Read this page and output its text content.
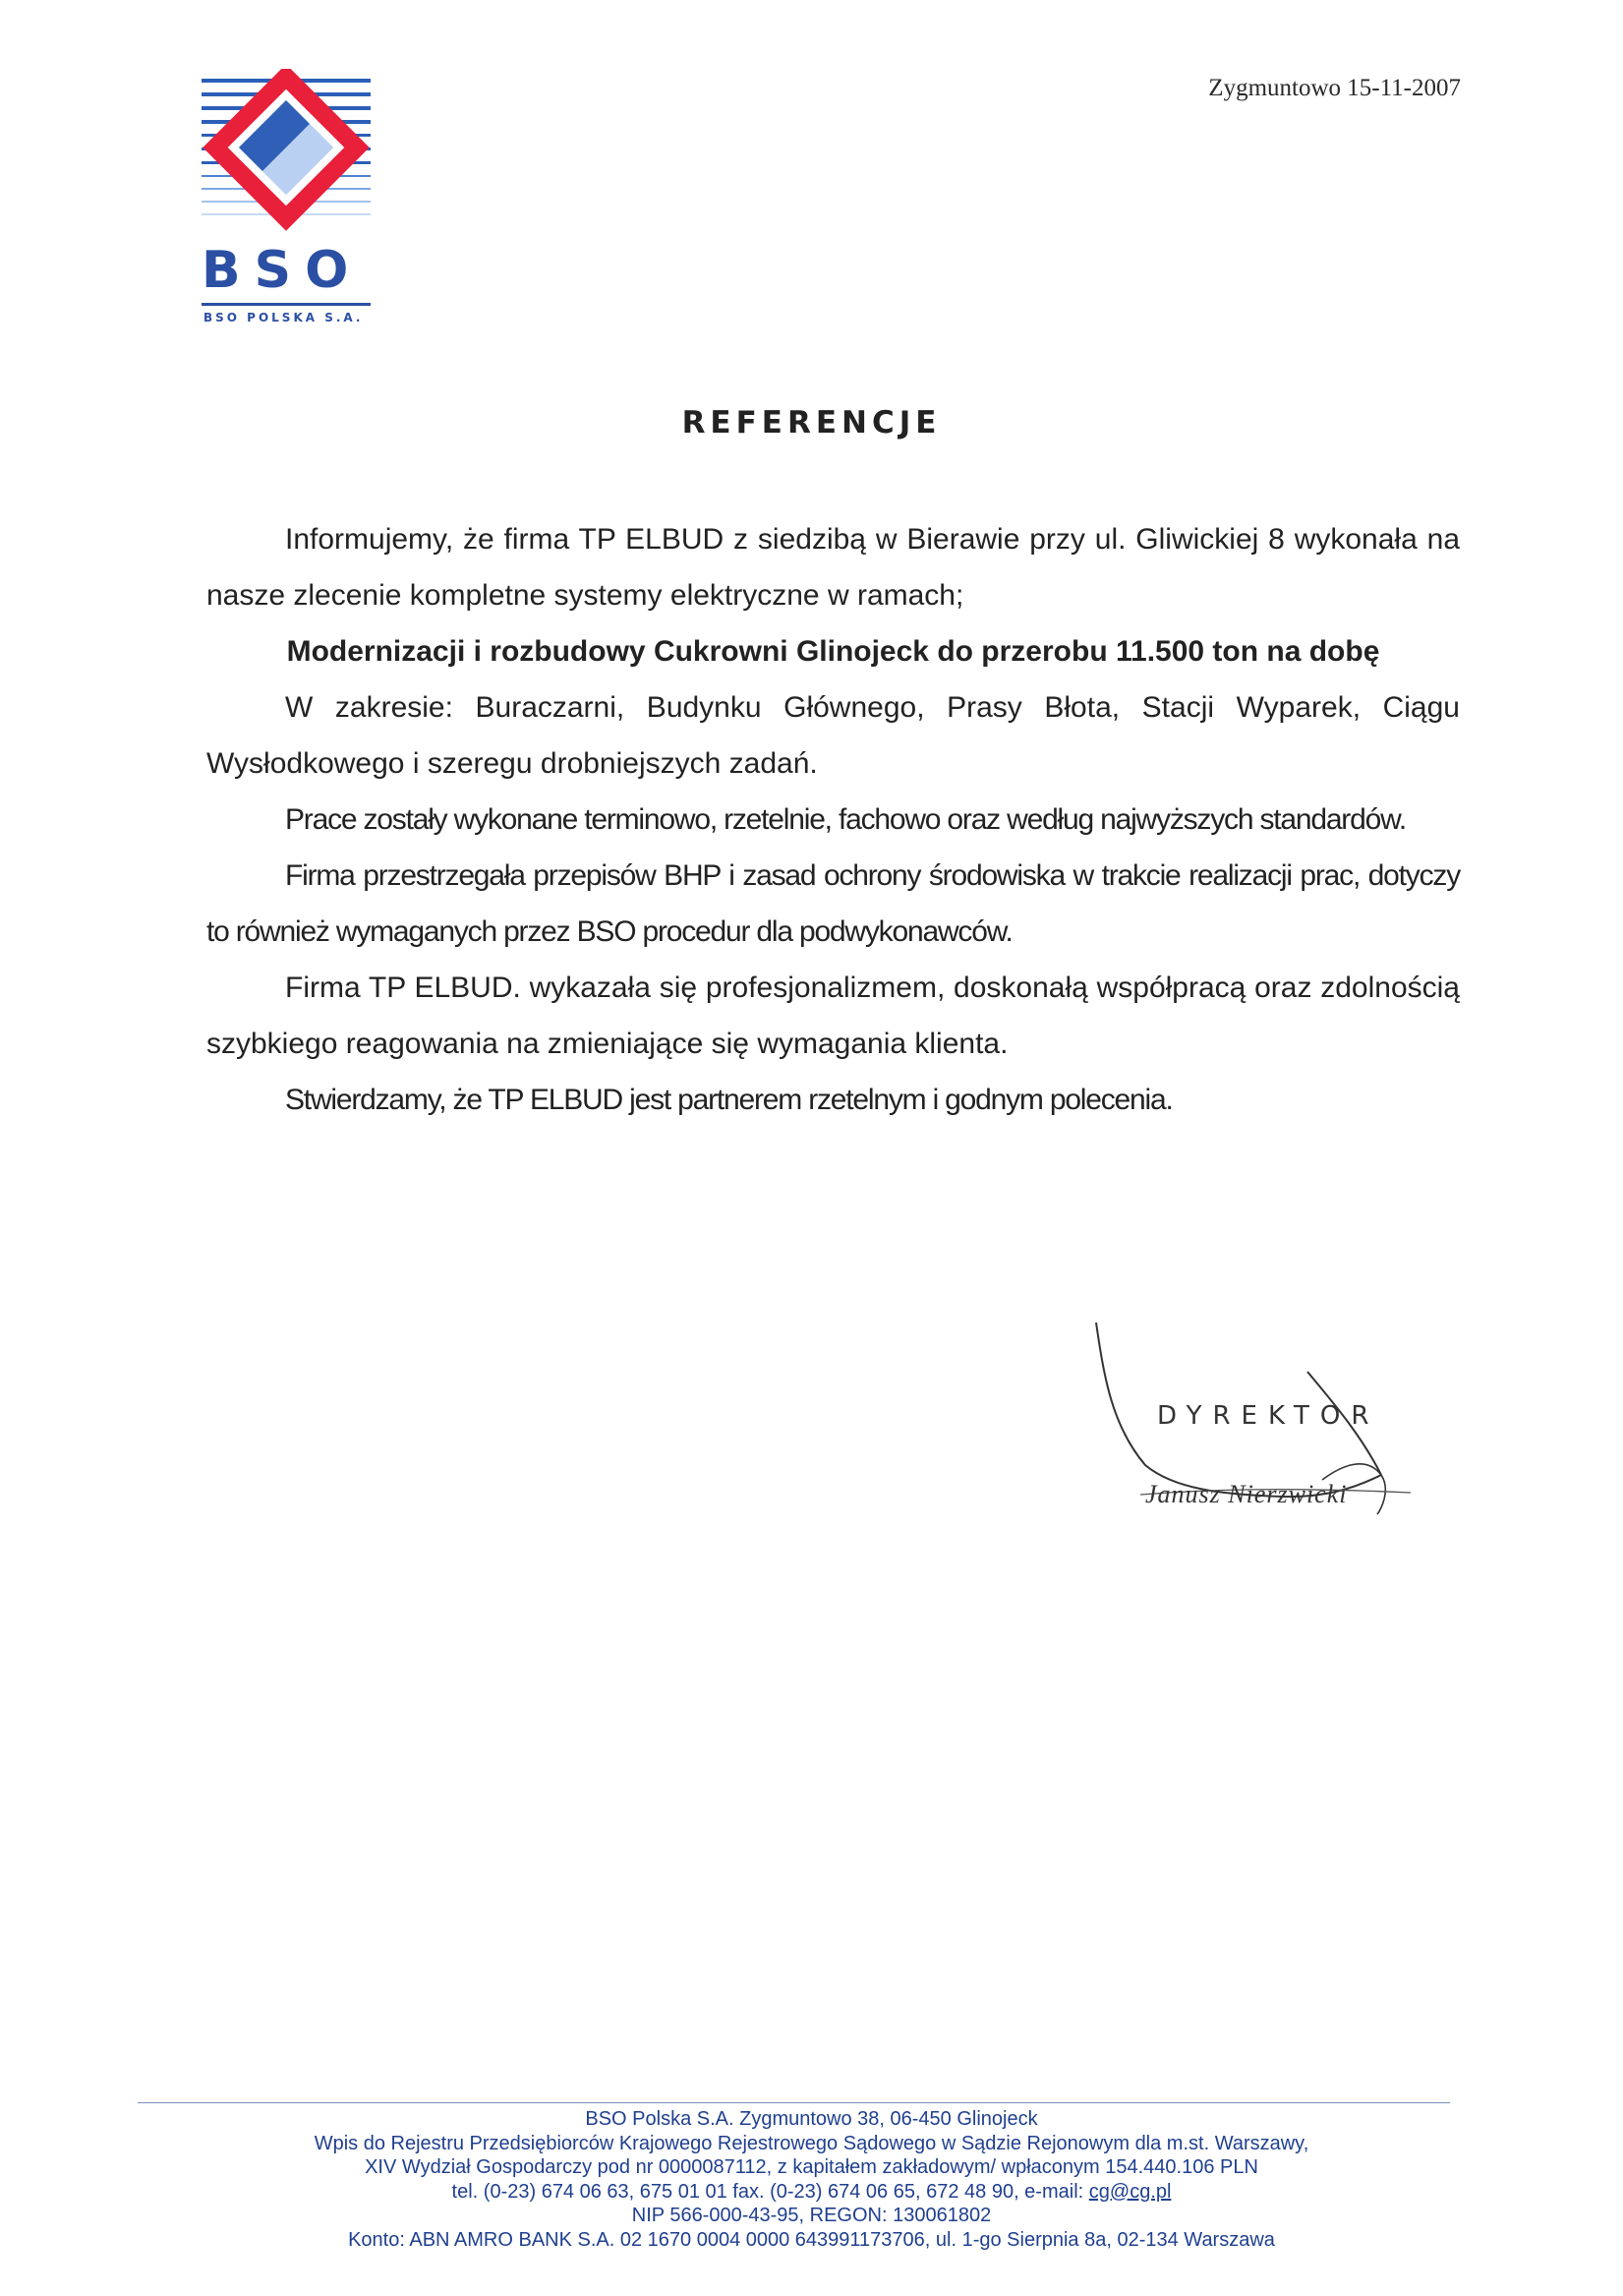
BSO
BSO POLSKA S.A.
Zygmuntowo 15-11-2007
REFERENCJE

Informujemy, że firma TP ELBUD z siedzibą w Bierawie przy ul. Gliwickiej 8 wykonała na nasze zlecenie kompletne systemy elektryczne w ramach;

Modernizacji i rozbudowy Cukrowni Glinojeck do przerobu 11.500 ton na dobę

W zakresie: Buraczarni, Budynku Głównego, Prasy Błota, Stacji Wyparek, Ciągu Wysłodkowego i szeregu drobniejszych zadań.

Prace zostały wykonane terminowo, rzetelnie, fachowo oraz według najwyższych standardów.

Firma przestrzegała przepisów BHP i zasad ochrony środowiska w trakcie realizacji prac, dotyczy to również wymaganych przez BSO procedur dla podwykonawców.

Firma TP ELBUD. wykazała się profesjonalizmem, doskonałą współpracą oraz zdolnością szybkiego reagowania na zmieniające się wymagania klienta.

Stwierdzamy, że TP ELBUD jest partnerem rzetelnym i godnym polecenia.

DYREKTOR
Janusz Nierzwicki
BSO Polska S.A. Zygmuntowo 38, 06-450 Glinojeck
Wpis do Rejestru Przedsiębiorców Krajowego Rejestrowego Sądowego w Sądzie Rejonowym dla m.st. Warszawy,
XIV Wydział Gospodarczy pod nr 0000087112, z kapitałem zakładowym/ wpłaconym 154.440.106 PLN
tel. (0-23) 674 06 63, 675 01 01 fax. (0-23) 674 06 65, 672 48 90, e-mail: cg@cg.pl
NIP 566-000-43-95, REGON: 130061802
Konto: ABN AMRO BANK S.A. 02 1670 0004 0000 643991173706, ul. 1-go Sierpnia 8a, 02-134 Warszawa
